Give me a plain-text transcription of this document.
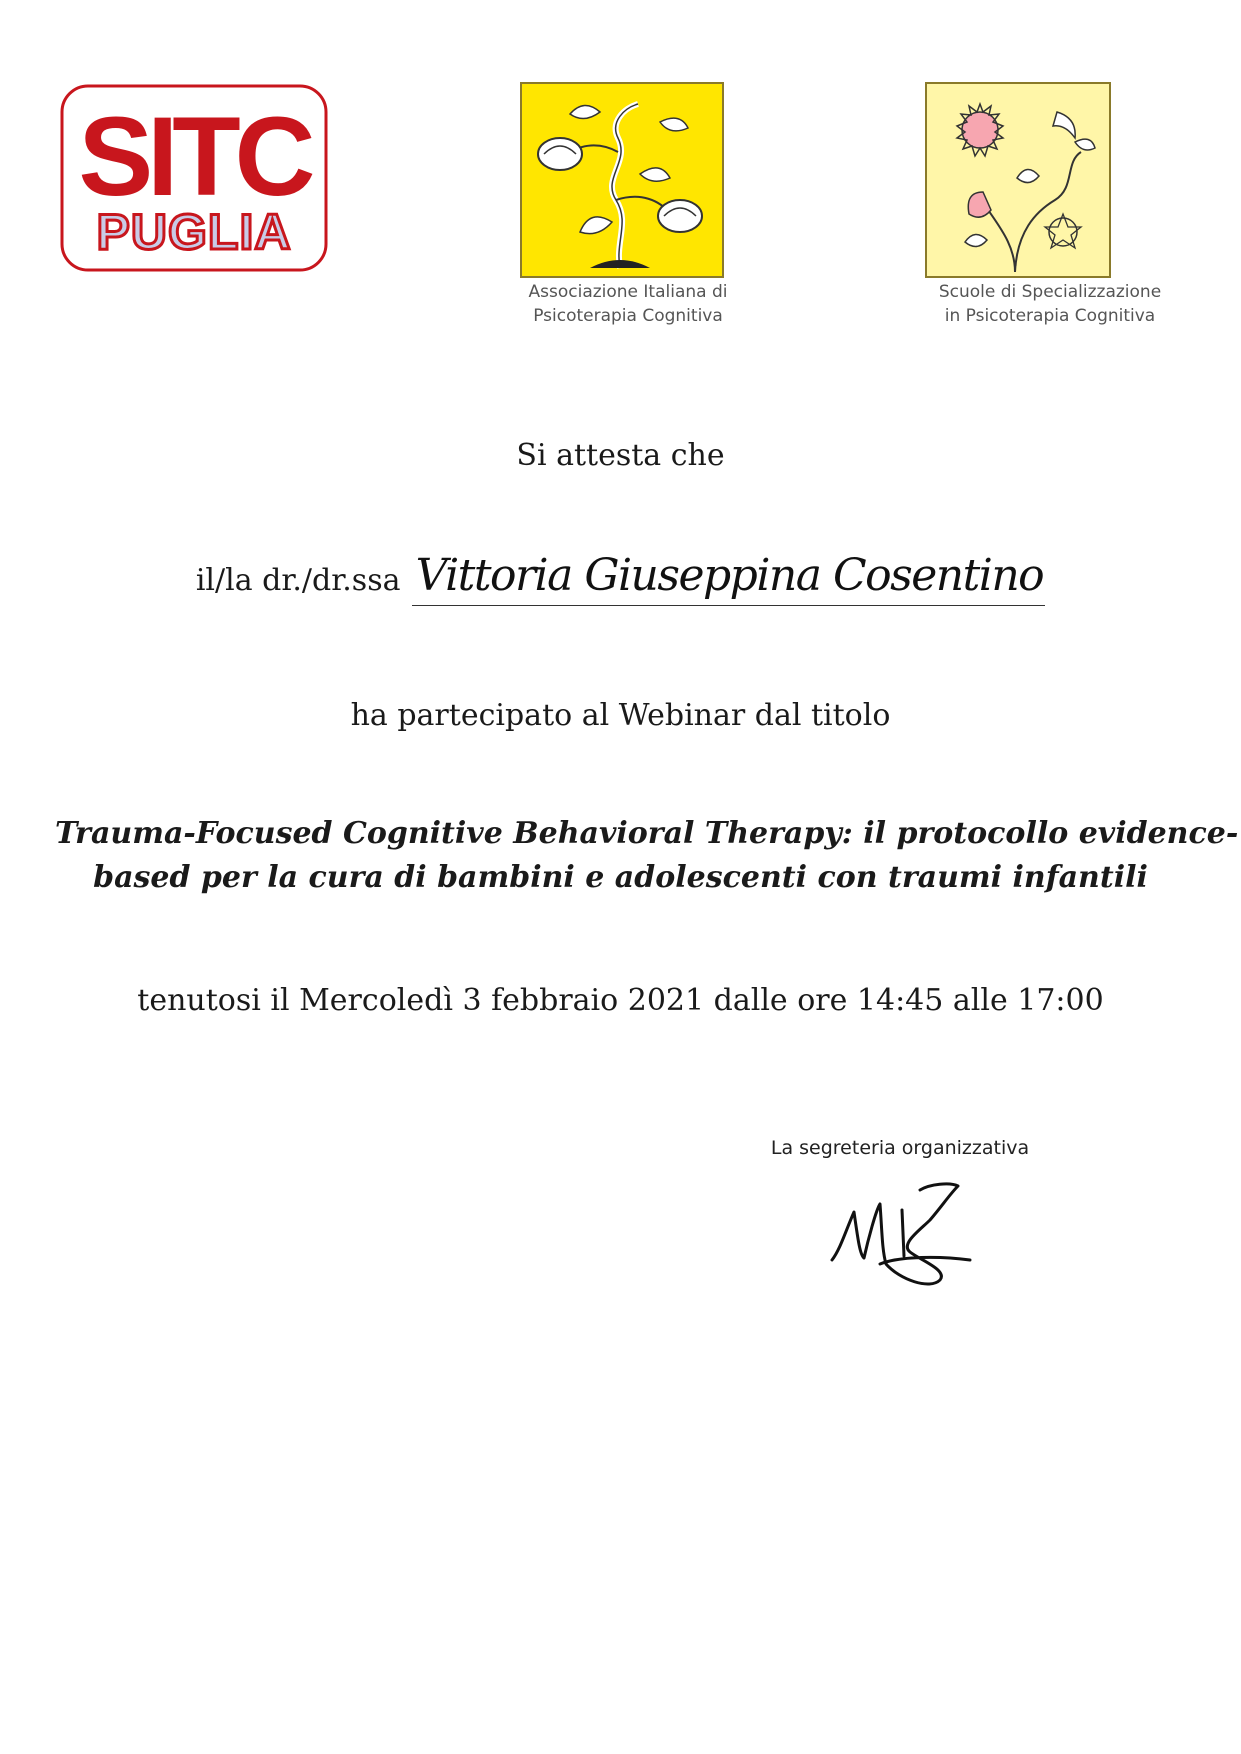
SITC
PUGLIA
Associazione Italiana di
Psicoterapia Cognitiva
Scuole di Specializzazione
in Psicoterapia Cognitiva
Si attesta che
il/la dr./dr.ssa Vittoria Giuseppina Cosentino
ha partecipato al Webinar dal titolo
Trauma-Focused Cognitive Behavioral Therapy: il protocollo evidence-
based per la cura di bambini e adolescenti con traumi infantili
tenutosi il Mercoledì 3 febbraio 2021 dalle ore 14:45 alle 17:00
La segreteria organizzativa
